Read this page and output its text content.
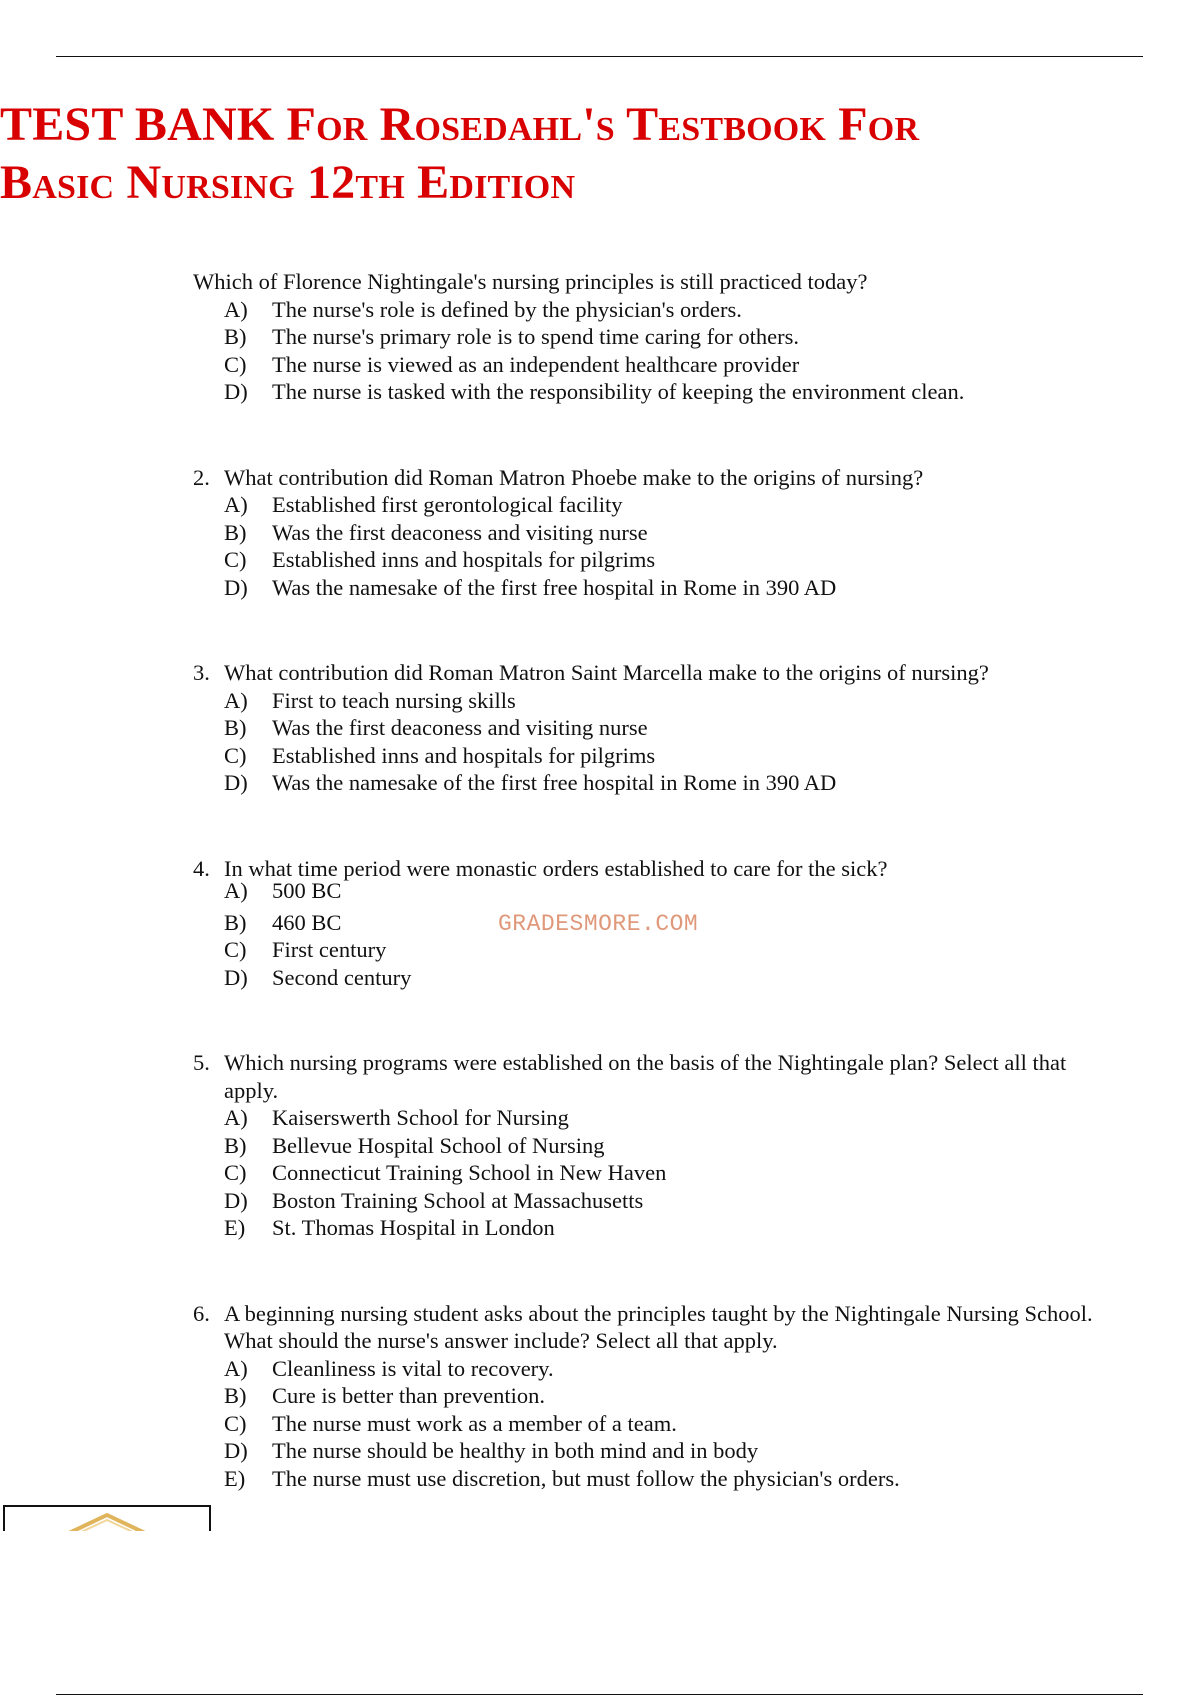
TEST BANK For Rosedahl's Testbook For
Basic Nursing 12th Edition
Which of Florence Nightingale's nursing principles is still practiced today?
A) The nurse's role is defined by the physician's orders.
B) The nurse's primary role is to spend time caring for others.
C) The nurse is viewed as an independent healthcare provider
D) The nurse is tasked with the responsibility of keeping the environment clean.
2. What contribution did Roman Matron Phoebe make to the origins of nursing?
A) Established first gerontological facility
B) Was the first deaconess and visiting nurse
C) Established inns and hospitals for pilgrims
D) Was the namesake of the first free hospital in Rome in 390 AD
3. What contribution did Roman Matron Saint Marcella make to the origins of nursing?
A) First to teach nursing skills
B) Was the first deaconess and visiting nurse
C) Established inns and hospitals for pilgrims
D) Was the namesake of the first free hospital in Rome in 390 AD
4. In what time period were monastic orders established to care for the sick?
A) 500 BC
B) 460 BC
C) First century
D) Second century
5. Which nursing programs were established on the basis of the Nightingale plan? Select all that apply.
A) Kaiserswerth School for Nursing
B) Bellevue Hospital School of Nursing
C) Connecticut Training School in New Haven
D) Boston Training School at Massachusetts
E) St. Thomas Hospital in London
6. A beginning nursing student asks about the principles taught by the Nightingale Nursing School. What should the nurse's answer include? Select all that apply.
A) Cleanliness is vital to recovery.
B) Cure is better than prevention.
C) The nurse must work as a member of a team.
D) The nurse should be healthy in both mind and in body
E) The nurse must use discretion, but must follow the physician's orders.
GRADESMORE.COM
